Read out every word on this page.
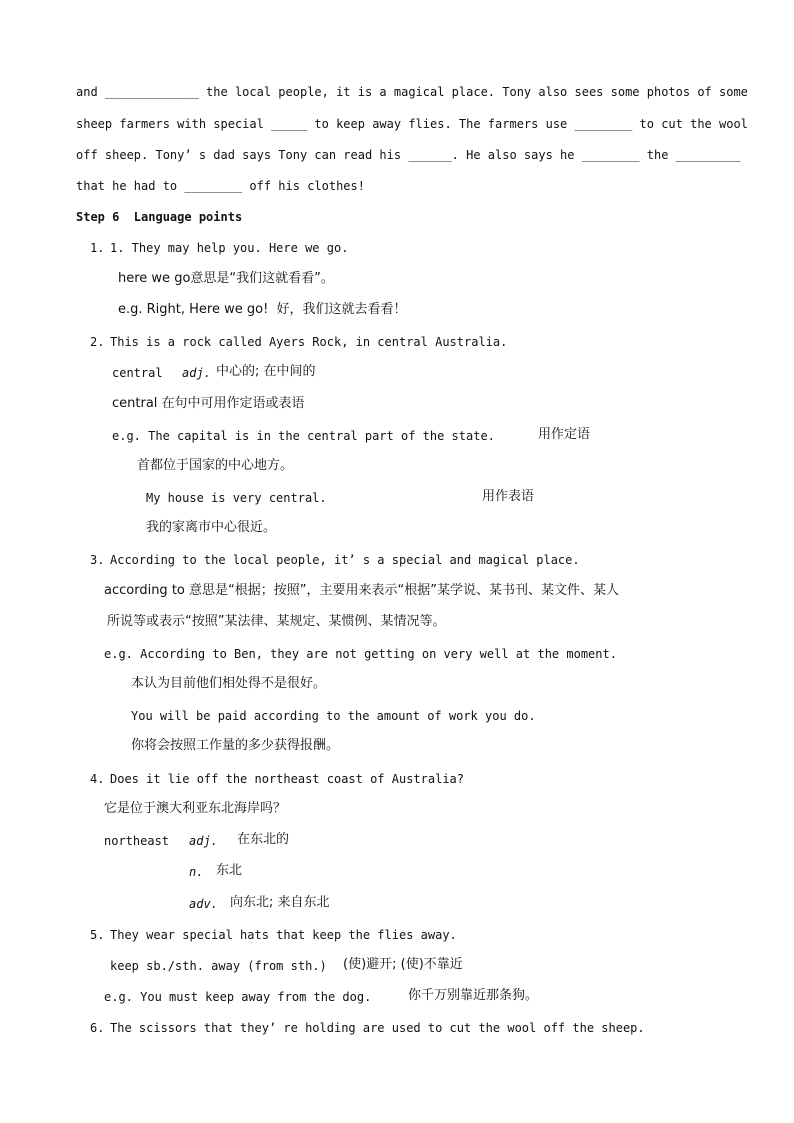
and _____________ the local people, it is a magical place. Tony also sees some photos of some
sheep farmers with special _____ to keep away flies. The farmers use ________ to cut the wool
off sheep. Tony’ s dad says Tony can read his ______. He also says he ________ the _________
that he had to ________ off his clothes!
Step 6  Language points
1. 1. They may help you. Here we go.
here we go意思是“我们这就看看”。
e.g. Right, Here we go!  好，我们这就去看看！
2. This is a rock called Ayers Rock, in central Australia.
central adj. 中心的; 在中间的
central 在句中可用作定语或表语
e.g. The capital is in the central part of the state.	用作定语
首都位于国家的中心地方。
My house is very central.	用作表语
我的家离市中心很近。
3. According to the local people, it’ s a special and magical place.
according to 意思是“根据；按照”，主要用来表示“根据”某学说、某书刊、某文件、某人
所说等或表示“按照”某法律、某规定、某惯例、某情况等。
e.g. According to Ben, they are not getting on very well at the moment.
本认为目前他们相处得不是很好。
You will be paid according to the amount of work you do.
你将会按照工作量的多少获得报酬。
4. Does it lie off the northeast coast of Australia?
它是位于澳大利亚东北海岸吗？
northeast adj. 在东北的
n. 东北
adv. 向东北; 来自东北
5. They wear special hats that keep the flies away.
keep sb./sth. away (from sth.) (使)避开; (使)不靠近
e.g. You must keep away from the dog.	你千万别靠近那条狗。
6. The scissors that they’ re holding are used to cut the wool off the sheep.
